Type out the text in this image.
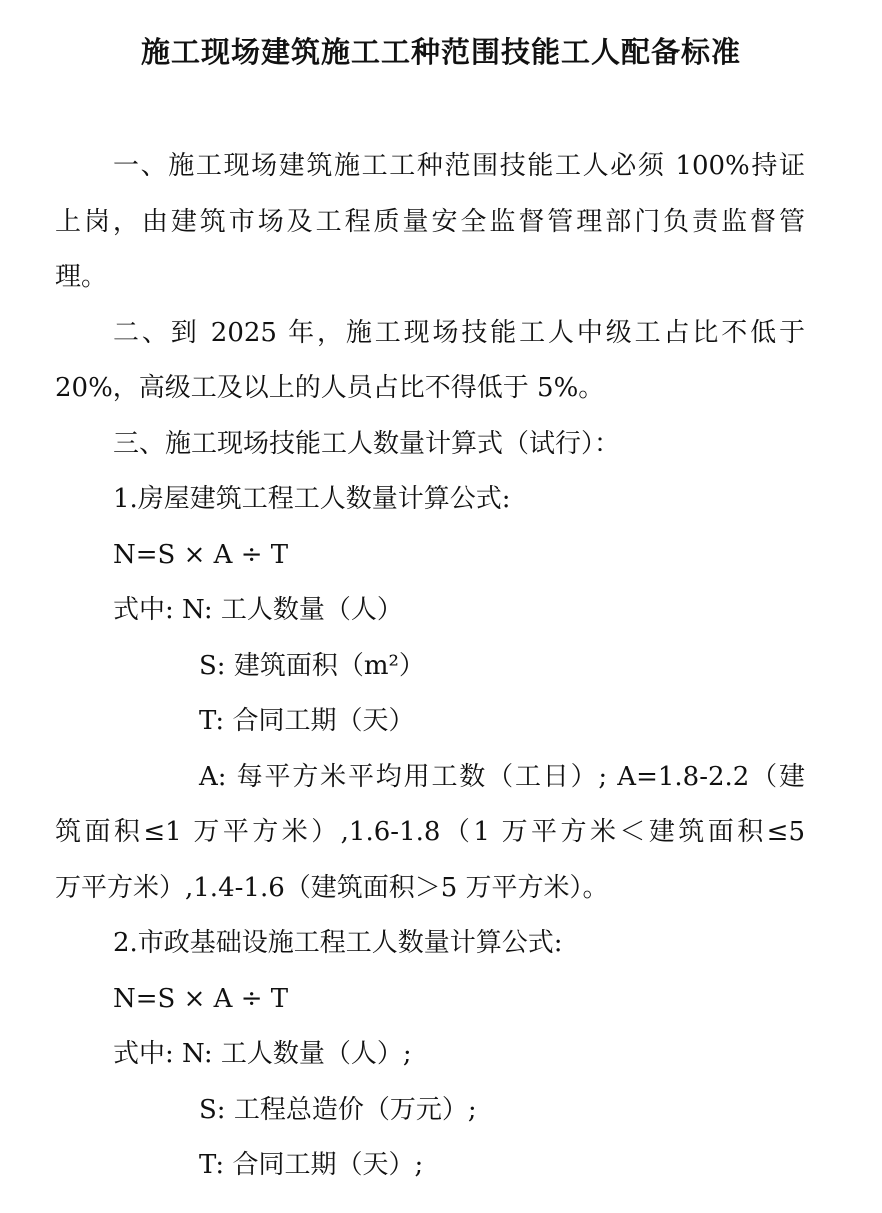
施工现场建筑施工工种范围技能工人配备标准
一、施工现场建筑施工工种范围技能工人必须 100%持证
上岗，由建筑市场及工程质量安全监督管理部门负责监督管
理。
二、到 2025 年，施工现场技能工人中级工占比不低于
20%，高级工及以上的人员占比不得低于 5%。
三、施工现场技能工人数量计算式（试行）：
1.房屋建筑工程工人数量计算公式:
N=S × A ÷ T
式中: N: 工人数量（人）
S: 建筑面积（m²）
T: 合同工期（天）
A: 每平方米平均用工数（工日）; A=1.8-2.2（建
筑面积≤1 万平方米）,1.6-1.8（1 万平方米＜建筑面积≤5
万平方米）,1.4-1.6（建筑面积＞5 万平方米）。
2.市政基础设施工程工人数量计算公式:
N=S × A ÷ T
式中: N: 工人数量（人）;
S: 工程总造价（万元）;
T: 合同工期（天）;
